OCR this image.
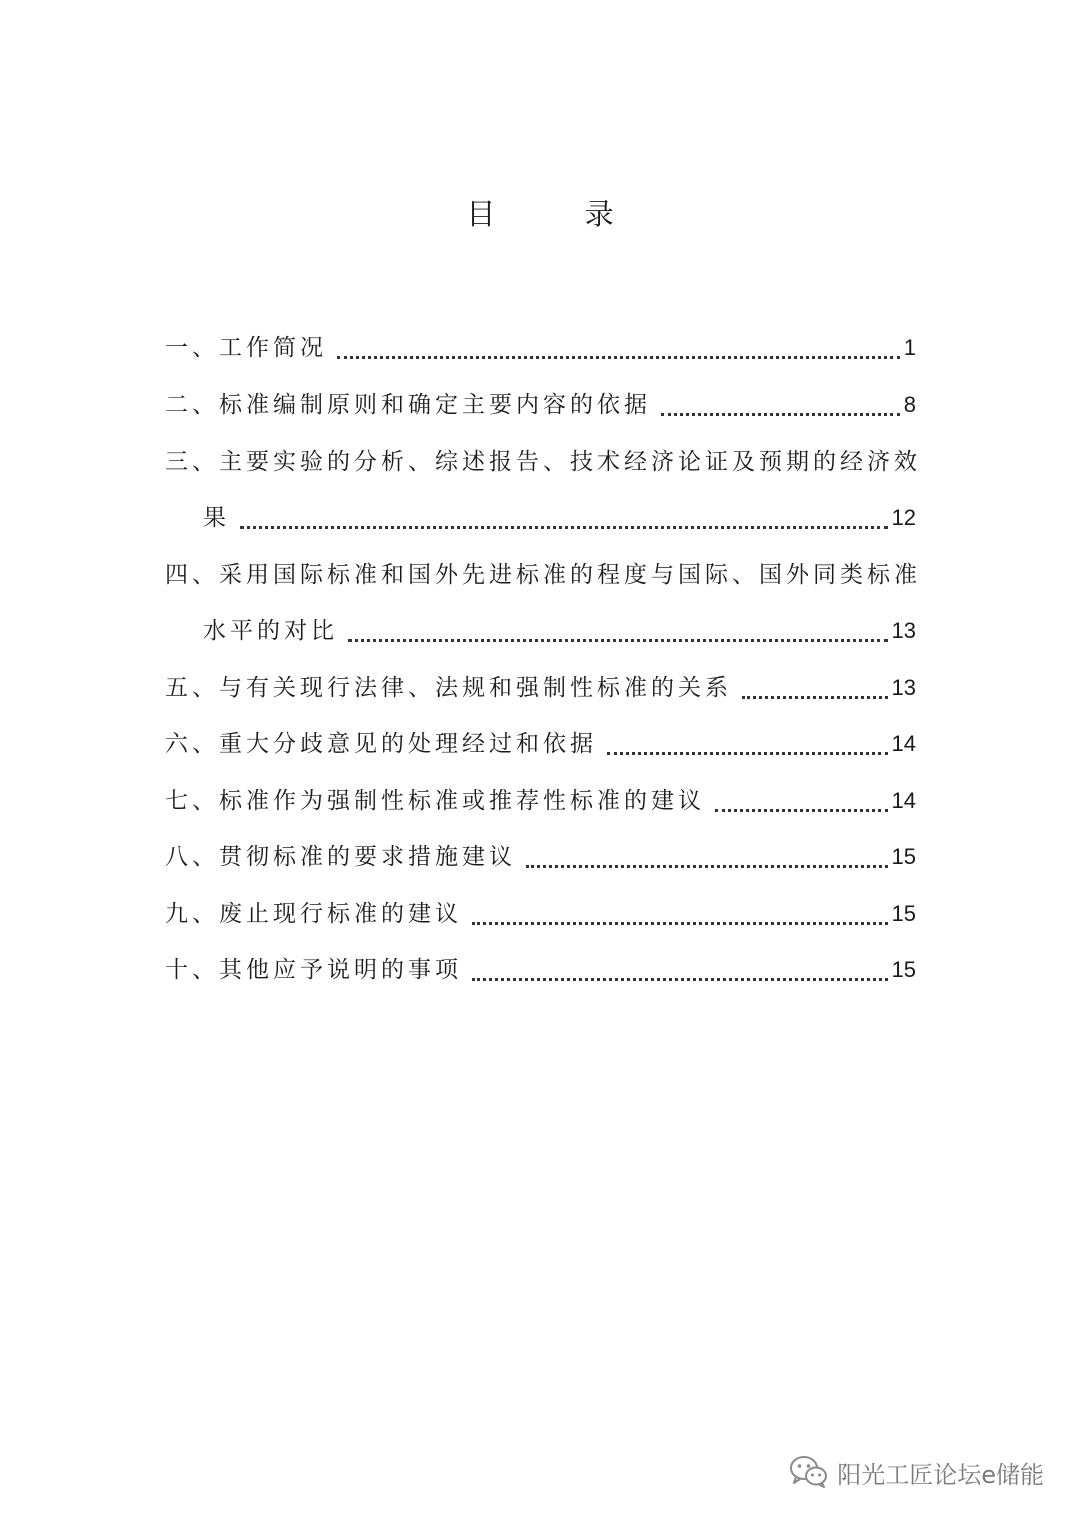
目 录
一、工作简况	1
二、标准编制原则和确定主要内容的依据	8
三、主要实验的分析、综述报告、技术经济论证及预期的经济效
果	12
四、采用国际标准和国外先进标准的程度与国际、国外同类标准
水平的对比	13
五、与有关现行法律、法规和强制性标准的关系	13
六、重大分歧意见的处理经过和依据	14
七、标准作为强制性标准或推荐性标准的建议	14
八、贯彻标准的要求措施建议	15
九、废止现行标准的建议	15
十、其他应予说明的事项	15
阳光工匠论坛e储能
